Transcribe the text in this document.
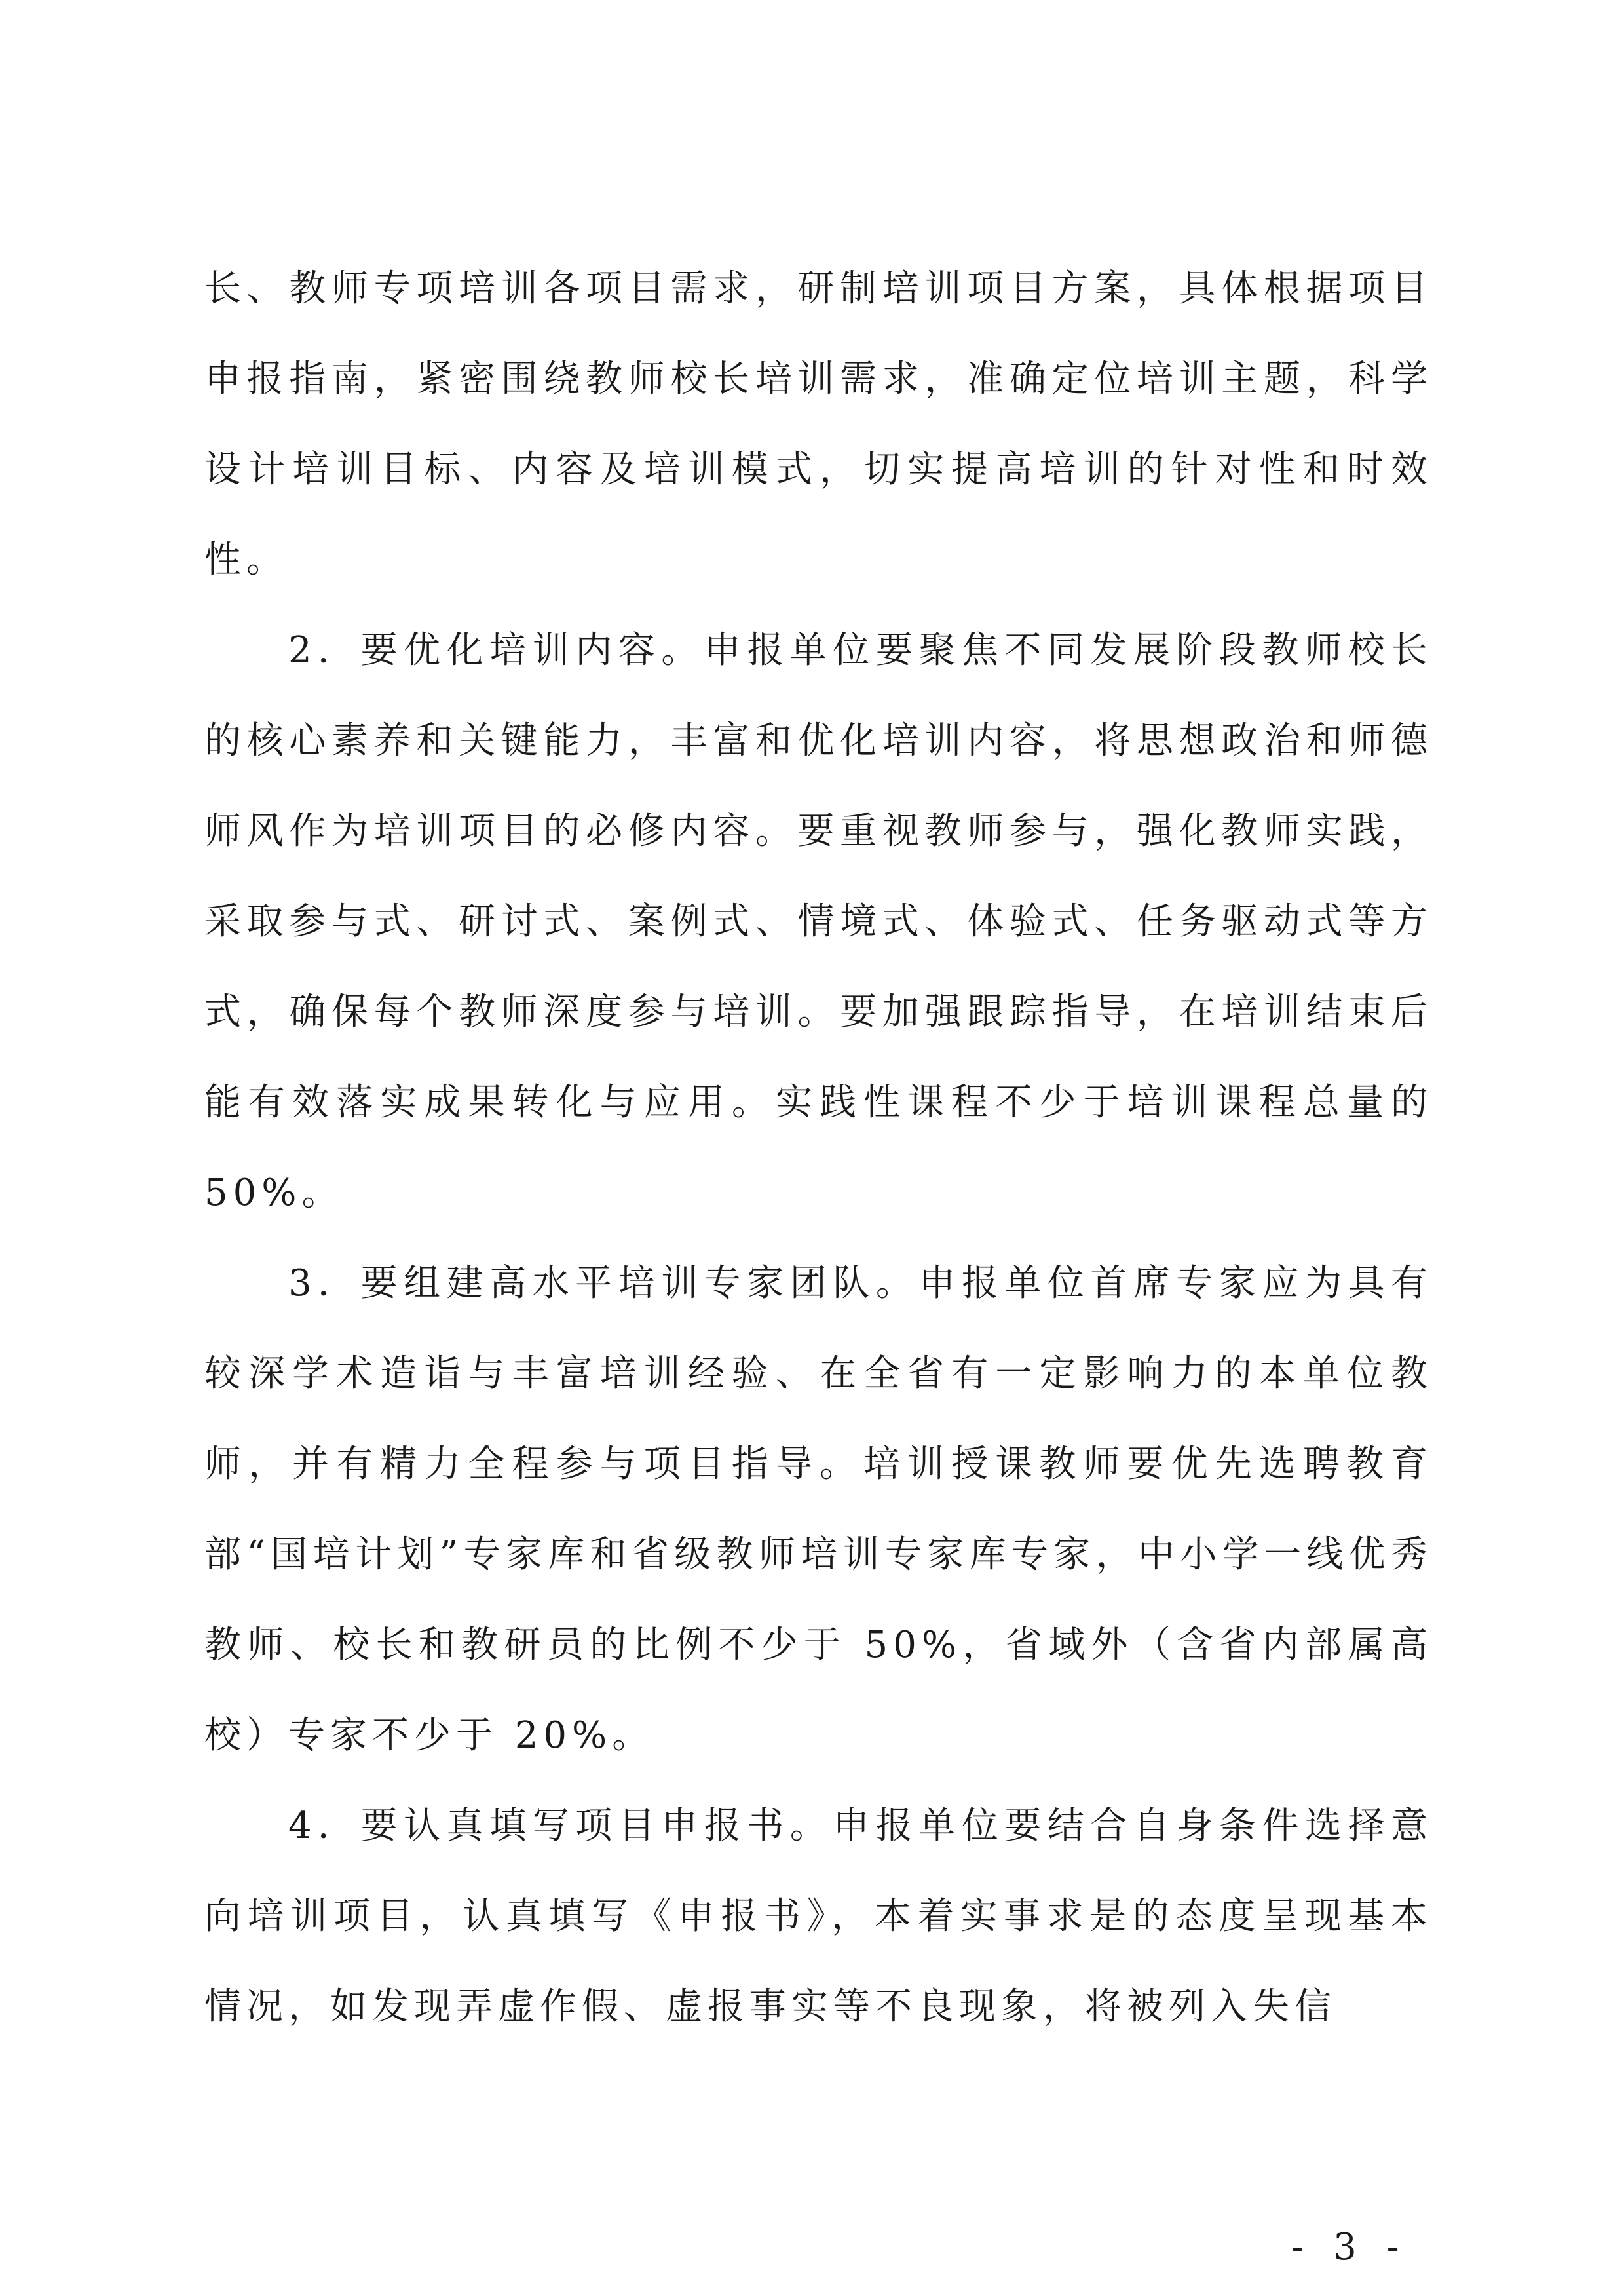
长、教师专项培训各项目需求，研制培训项目方案，具体根据项目申报指南，紧密围绕教师校长培训需求，准确定位培训主题，科学设计培训目标、内容及培训模式，切实提高培训的针对性和时效性。

2．要优化培训内容。申报单位要聚焦不同发展阶段教师校长的核心素养和关键能力，丰富和优化培训内容，将思想政治和师德师风作为培训项目的必修内容。要重视教师参与，强化教师实践，采取参与式、研讨式、案例式、情境式、体验式、任务驱动式等方式，确保每个教师深度参与培训。要加强跟踪指导，在培训结束后能有效落实成果转化与应用。实践性课程不少于培训课程总量的 50%。

3．要组建高水平培训专家团队。申报单位首席专家应为具有较深学术造诣与丰富培训经验、在全省有一定影响力的本单位教师，并有精力全程参与项目指导。培训授课教师要优先选聘教育部“国培计划”专家库和省级教师培训专家库专家，中小学一线优秀教师、校长和教研员的比例不少于 50%，省域外（含省内部属高校）专家不少于 20%。

4．要认真填写项目申报书。申报单位要结合自身条件选择意向培训项目，认真填写《申报书》，本着实事求是的态度呈现基本情况，如发现弄虚作假、虚报事实等不良现象，将被列入失信

- 3 -
